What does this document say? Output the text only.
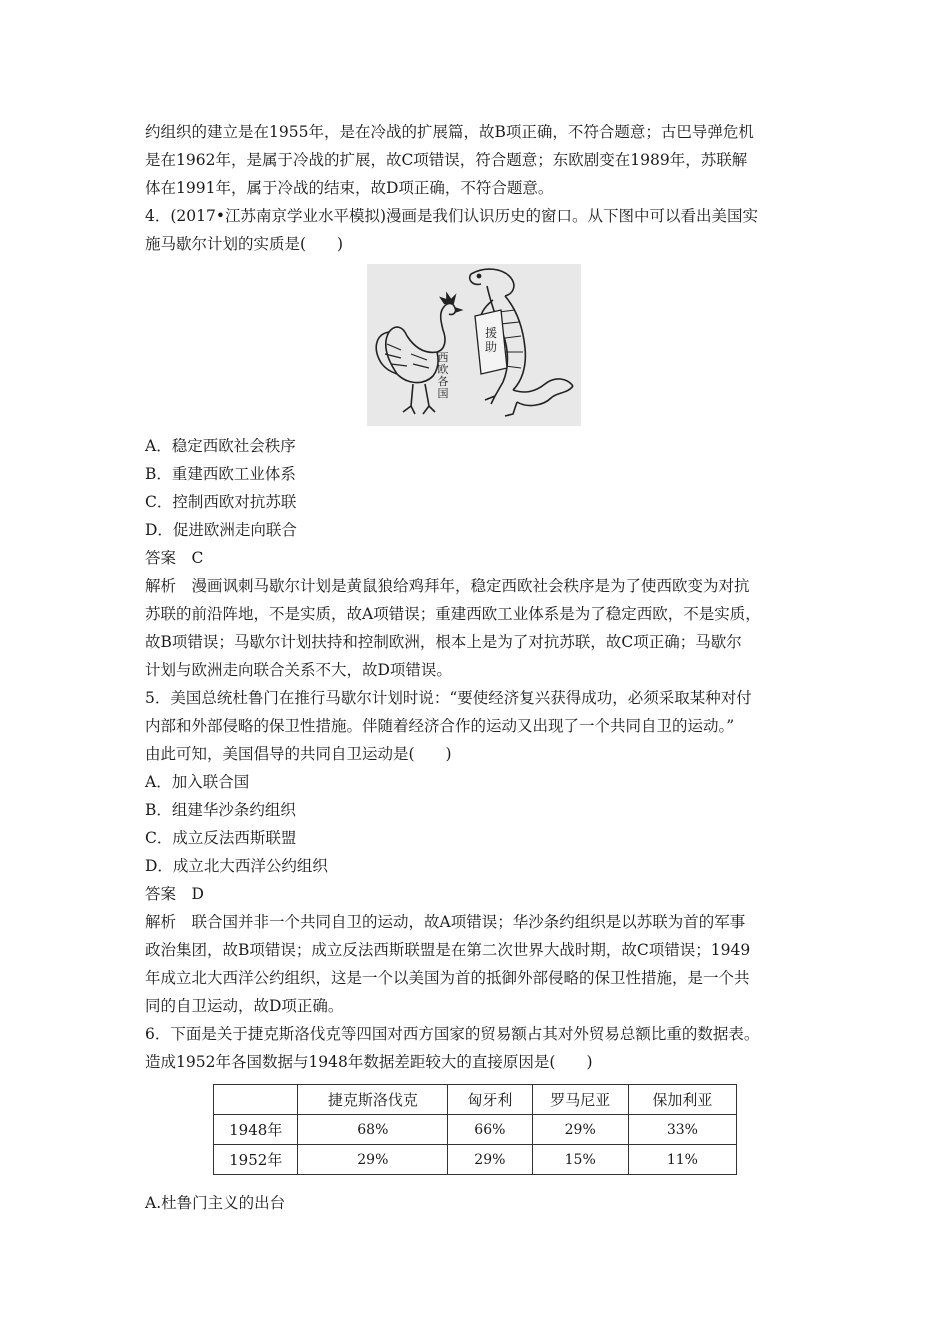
约组织的建立是在1955年，是在冷战的扩展篇，故B项正确，不符合题意；古巴导弹危机
是在1962年，是属于冷战的扩展，故C项错误，符合题意；东欧剧变在1989年，苏联解
体在1991年，属于冷战的结束，故D项正确，不符合题意。
4．(2017•江苏南京学业水平模拟)漫画是我们认识历史的窗口。从下图中可以看出美国实
施马歇尔计划的实质是(　　)
西欧各国
援助
A．稳定西欧社会秩序
B．重建西欧工业体系
C．控制西欧对抗苏联
D．促进欧洲走向联合
答案　C
解析　漫画讽刺马歇尔计划是黄鼠狼给鸡拜年，稳定西欧社会秩序是为了使西欧变为对抗
苏联的前沿阵地，不是实质，故A项错误；重建西欧工业体系是为了稳定西欧，不是实质，
故B项错误；马歇尔计划扶持和控制欧洲，根本上是为了对抗苏联，故C项正确；马歇尔
计划与欧洲走向联合关系不大，故D项错误。
5．美国总统杜鲁门在推行马歇尔计划时说：“要使经济复兴获得成功，必须采取某种对付
内部和外部侵略的保卫性措施。伴随着经济合作的运动又出现了一个共同自卫的运动。”
由此可知，美国倡导的共同自卫运动是(　　)
A．加入联合国
B．组建华沙条约组织
C．成立反法西斯联盟
D．成立北大西洋公约组织
答案　D
解析　联合国并非一个共同自卫的运动，故A项错误；华沙条约组织是以苏联为首的军事
政治集团，故B项错误；成立反法西斯联盟是在第二次世界大战时期，故C项错误；1949
年成立北大西洋公约组织，这是一个以美国为首的抵御外部侵略的保卫性措施，是一个共
同的自卫运动，故D项正确。
6．下面是关于捷克斯洛伐克等四国对西方国家的贸易额占其对外贸易总额比重的数据表。
造成1952年各国数据与1948年数据差距较大的直接原因是(　　)
	捷克斯洛伐克	匈牙利	罗马尼亚	保加利亚
1948年	68%	66%	29%	33%
1952年	29%	29%	15%	11%
A.杜鲁门主义的出台
